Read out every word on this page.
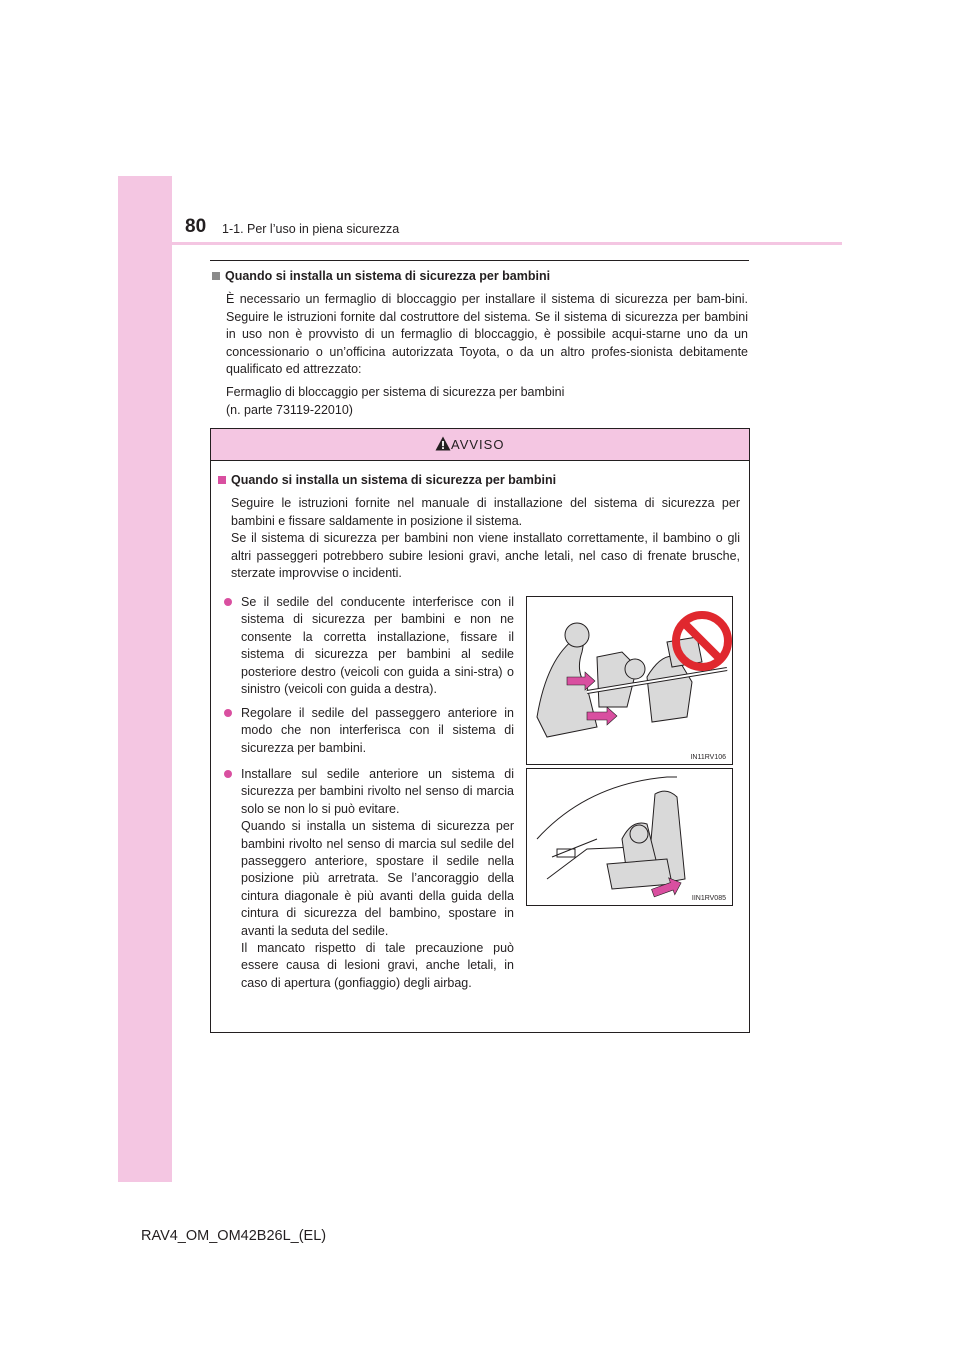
80 1-1. Per l’uso in piena sicurezza
Quando si installa un sistema di sicurezza per bambini

È necessario un fermaglio di bloccaggio per installare il sistema di sicurezza per bam-bini. Seguire le istruzioni fornite dal costruttore del sistema. Se il sistema di sicurezza per bambini in uso non è provvisto di un fermaglio di bloccaggio, è possibile acqui-starne uno da un concessionario o un’officina autorizzata Toyota, o da un altro profes-sionista debitamente qualificato ed attrezzato:

Fermaglio di bloccaggio per sistema di sicurezza per bambini
(n. parte 73119-22010)
AVVISO
Quando si installa un sistema di sicurezza per bambini
Seguire le istruzioni fornite nel manuale di installazione del sistema di sicurezza per bambini e fissare saldamente in posizione il sistema.
Se il sistema di sicurezza per bambini non viene installato correttamente, il bambino o gli altri passeggeri potrebbero subire lesioni gravi, anche letali, nel caso di frenate brusche, sterzate improvvise o incidenti.
Se il sedile del conducente interferisce con il sistema di sicurezza per bambini e non ne consente la corretta installazione, fissare il sistema di sicurezza per bambini al sedile posteriore destro (veicoli con guida a sini-stra) o sinistro (veicoli con guida a destra).
Regolare il sedile del passeggero anteriore in modo che non interferisca con il sistema di sicurezza per bambini.
Installare sul sedile anteriore un sistema di sicurezza per bambini rivolto nel senso di marcia solo se non lo si può evitare.
Quando si installa un sistema di sicurezza per bambini rivolto nel senso di marcia sul sedile del passeggero anteriore, spostare il sedile nella posizione più arretrata. Se l’ancoraggio della cintura diagonale è più avanti della guida della cintura di sicurezza del bambino, spostare in avanti la seduta del sedile.
Il mancato rispetto di tale precauzione può essere causa di lesioni gravi, anche letali, in caso di apertura (gonfiaggio) degli airbag.
IN11RV106
IIN1RV085
RAV4_OM_OM42B26L_(EL)
